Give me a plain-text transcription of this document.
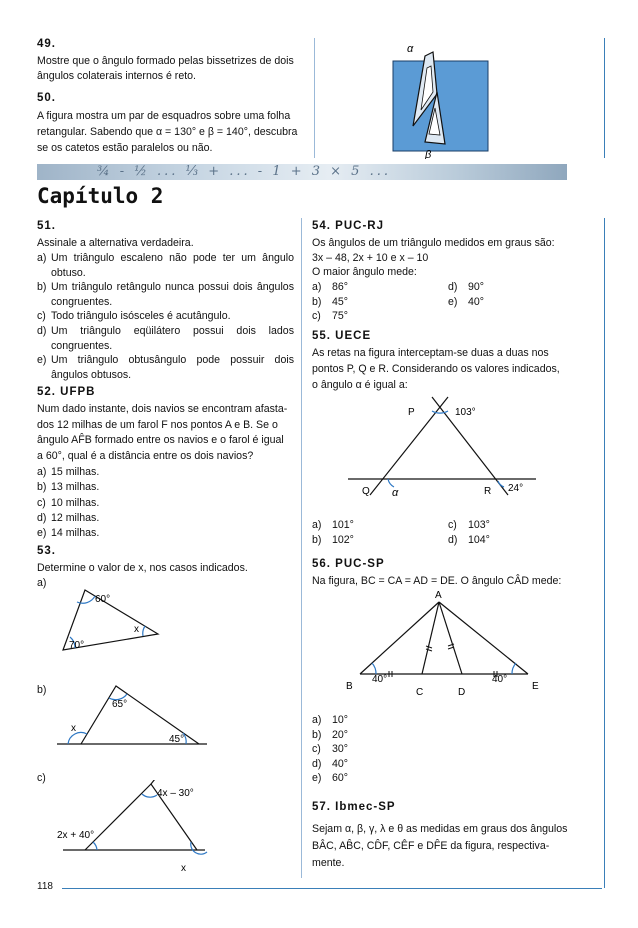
49.
Mostre que o ângulo formado pelas bissetrizes de dois
ângulos colaterais internos é reto.
50.
A figura mostra um par de esquadros sobre uma folha
retangular. Sabendo que α = 130° e β = 140°, descubra
se os catetos estão paralelos ou não.
α
β
¾ - ½ ... ⅓ + ... - 1 + 3 × 5 ...
Capítulo 2
51.
Assinale a alternativa verdadeira.
a) Um triângulo escaleno não pode ter um ângulo obtuso.
b) Um triângulo retângulo nunca possui dois ângulos congruentes.
c) Todo triângulo isósceles é acutângulo.
d) Um triângulo eqüilátero possui dois lados congruentes.
e) Um triângulo obtusângulo pode possuir dois ângulos obtusos.
52. UFPB
Num dado instante, dois navios se encontram afasta-
dos 12 milhas de um farol F nos pontos A e B. Se o
ângulo AF̂B formado entre os navios e o farol é igual
a 60°, qual é a distância entre os dois navios?
a) 15 milhas.
b) 13 milhas.
c) 10 milhas.
d) 12 milhas.
e) 14 milhas.
53.
Determine o valor de x, nos casos indicados.
a)
b)
c)
60°
70°
x
65°
x
45°
4x – 30°
2x + 40°
x
54. PUC-RJ
Os ângulos de um triângulo medidos em graus são:
3x – 48, 2x + 10 e x – 10
O maior ângulo mede:
a) 86°
b) 45°
c)	75°
d) 90°
e) 40°
55. UECE
As retas na figura interceptam-se duas a duas nos
pontos P, Q e R. Considerando os valores indicados,
o ângulo α é igual a:
P	103°
Q α	R 24°
a) 101°
b) 102°
c)	103°
d) 104°
56. PUC-SP
Na figura, BC = CA = AD = DE. O ângulo CÂD mede:
A
B
C	D
E
40°	40°
a) 10°
b) 20°
c)	30°
d) 40°
e) 60°
57. Ibmec-SP
Sejam α, β, γ, λ e θ as medidas em graus dos ângulos
BÂC, AB̂C, CD̂F, CÊF e DF̂E da figura, respectiva-
mente.
118
